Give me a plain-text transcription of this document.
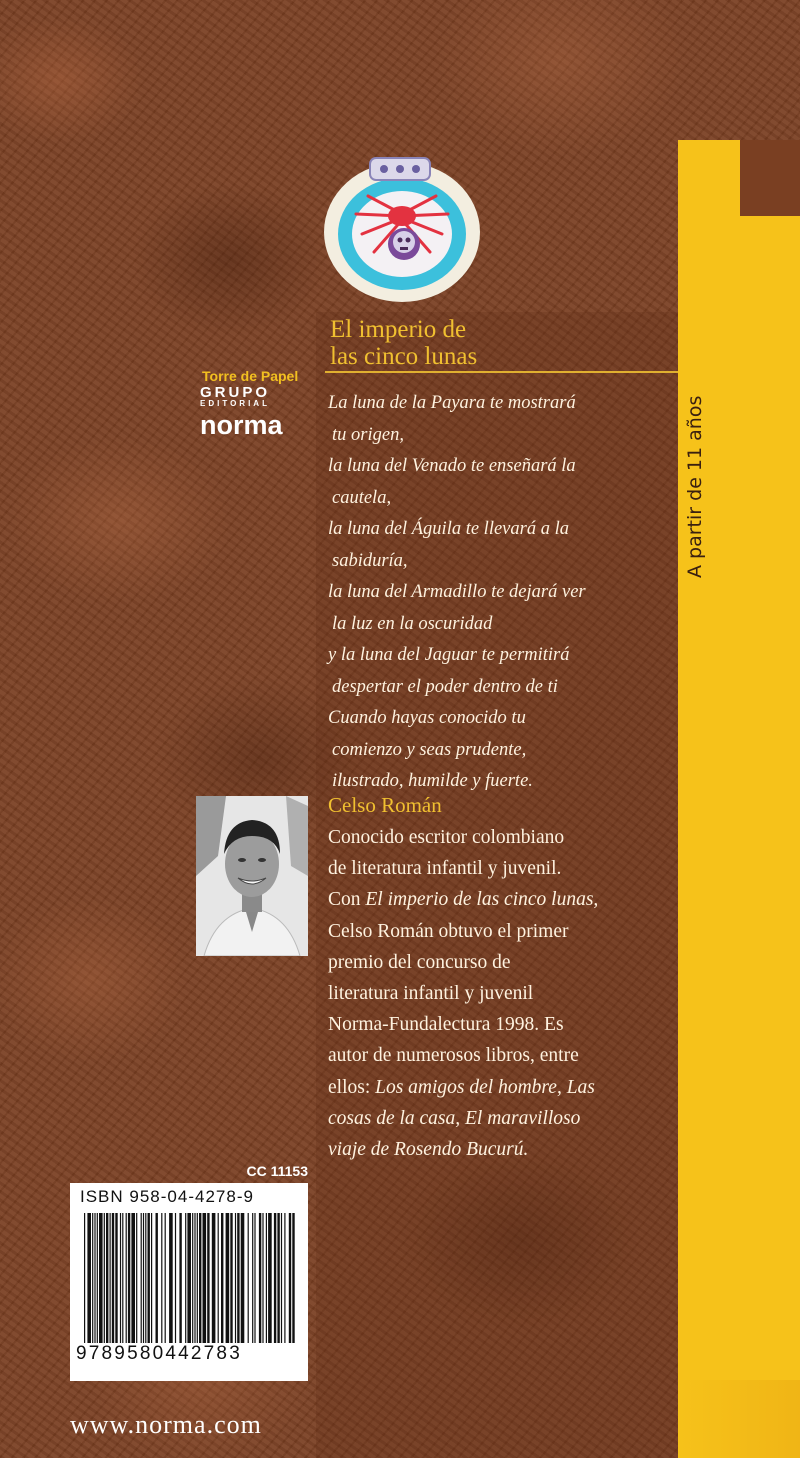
A partir de 11 años
El imperio de
las cinco lunas
Torre de Papel
GRUPO
EDITORIAL
norma
La luna de la Payara te mostrará
tu origen,
la luna del Venado te enseñará la
cautela,
la luna del Águila te llevará a la
sabiduría,
la luna del Armadillo te dejará ver
la luz en la oscuridad
y la luna del Jaguar te permitirá
despertar el poder dentro de ti
Cuando hayas conocido tu
comienzo y seas prudente,
ilustrado, humilde y fuerte.
Celso Román
Conocido escritor colombiano
de literatura infantil y juvenil.
Con El imperio de las cinco lunas,
Celso Román obtuvo el primer
premio del concurso de
literatura infantil y juvenil
Norma-Fundalectura 1998. Es
autor de numerosos libros, entre
ellos: Los amigos del hombre, Las
cosas de la casa, El maravilloso
viaje de Rosendo Bucurú.
CC 11153
ISBN 958-04-4278-9
9789580442783
www.norma.com
